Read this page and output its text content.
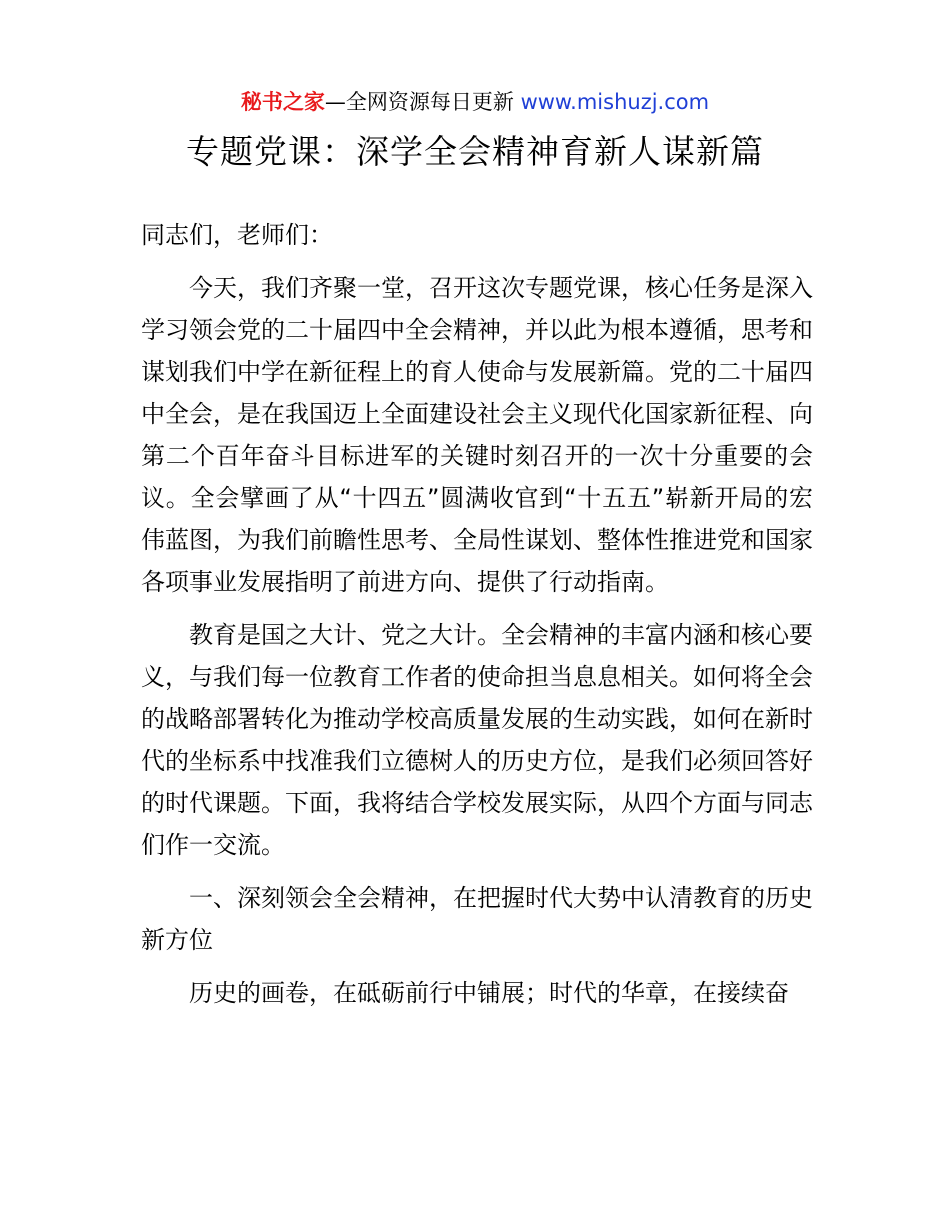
秘书之家—全网资源每日更新 www.mishuzj.com
专题党课：深学全会精神育新人谋新篇

同志们，老师们：

今天，我们齐聚一堂，召开这次专题党课，核心任务是深入学习领会党的二十届四中全会精神，并以此为根本遵循，思考和谋划我们中学在新征程上的育人使命与发展新篇。党的二十届四中全会，是在我国迈上全面建设社会主义现代化国家新征程、向第二个百年奋斗目标进军的关键时刻召开的一次十分重要的会议。全会擘画了从“十四五”圆满收官到“十五五”崭新开局的宏伟蓝图，为我们前瞻性思考、全局性谋划、整体性推进党和国家各项事业发展指明了前进方向、提供了行动指南。

教育是国之大计、党之大计。全会精神的丰富内涵和核心要义，与我们每一位教育工作者的使命担当息息相关。如何将全会的战略部署转化为推动学校高质量发展的生动实践，如何在新时代的坐标系中找准我们立德树人的历史方位，是我们必须回答好的时代课题。下面，我将结合学校发展实际，从四个方面与同志们作一交流。

一、深刻领会全会精神，在把握时代大势中认清教育的历史新方位

历史的画卷，在砥砺前行中铺展；时代的华章，在接续奋
